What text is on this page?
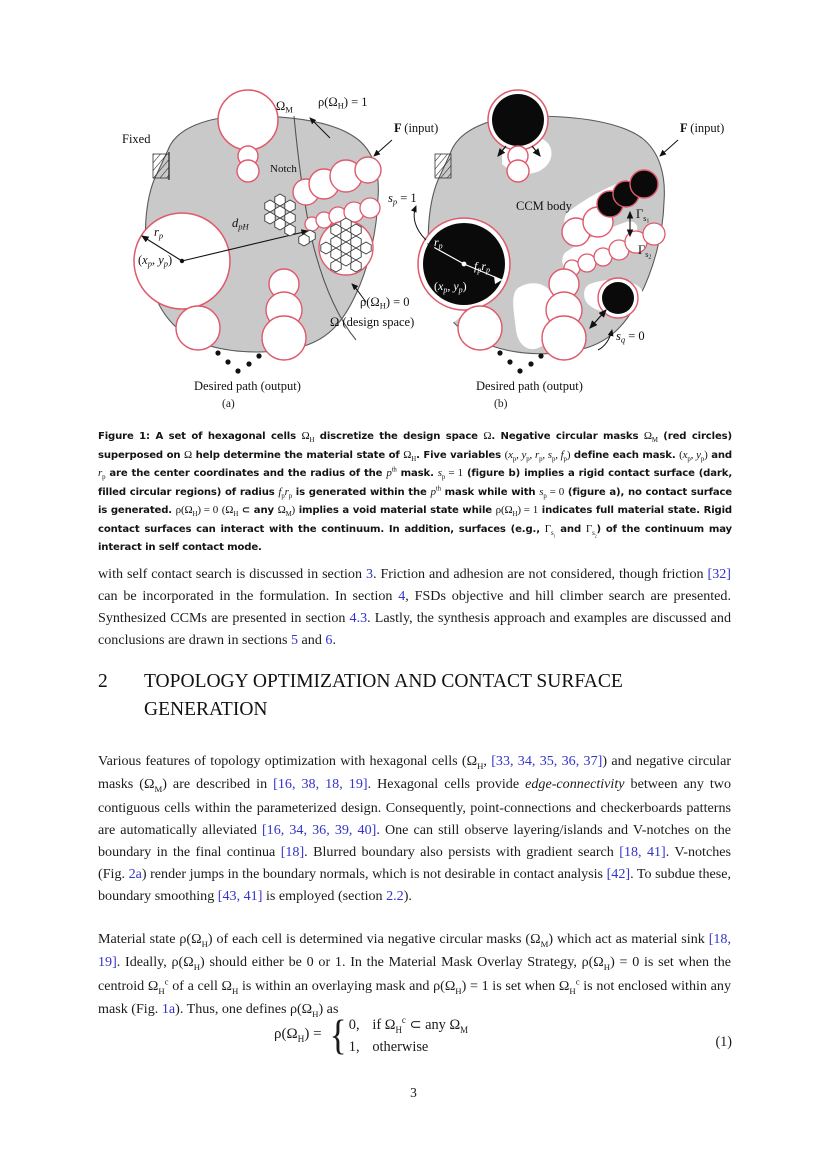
$\Omega_M$
$\rho(\Omega_H) = 1$
Fixed
Notch
F (input)
$r_p$
($x_p$, $y_p$)
$d_{pH}$
$\rho(\Omega_H) = 0$
Ω (design space)
Desired path (output)
F (input)
CCM body
$\Gamma_s1$
$\Gamma_s2$
$s_p = 1$
rp
fprp
(xp, yp)
$s_q = 0$
Desired path (output)
(a)	(b)
Figure 1: A set of hexagonal cells $\Omega_H$ discretize the design space Ω. Negative circular masks $\Omega_M$ (red circles) superposed on Ω help determine the material state of $\Omega_H$. Five variables ($x_p$, $y_p$, $r_p$, $s_p$, $f_p$) define each mask. ($x_p$, $y_p$) and $r_p$ are the center coordinates and the radius of the $p^{th}$ mask. $s_p = 1$ (figure b) implies a rigid contact surface (dark, filled circular regions) of radius $f_pr_p$ is generated within the $p^{th}$ mask while with $s_p = 0$ (figure a), no contact surface is generated. $\rho(\Omega_H) = 0$ ($\Omega_H$ ⊂ any $\Omega_M$) implies a void material state while $\rho(\Omega_H) = 1$ indicates full material state. Rigid contact surfaces can interact with the continuum. In addition, surfaces (e.g., $\Gamma_{s_1}$ and $\Gamma_{s_2}$) of the continuum may interact in self contact mode.
with self contact search is discussed in section 3. Friction and adhesion are not considered, though friction [32] can be incorporated in the formulation. In section 4, FSDs objective and hill climber search are presented. Synthesized CCMs are presented in section 4.3. Lastly, the synthesis approach and examples are discussed and conclusions are drawn in sections 5 and 6.
2 TOPOLOGY OPTIMIZATION AND CONTACT SURFACE
GENERATION
Various features of topology optimization with hexagonal cells ($\Omega_H$, [33, 34, 35, 36, 37]) and negative circular masks $(\Omega_M)$ are described in [16, 38, 18, 19]. Hexagonal cells provide edge-connectivity between any two contiguous cells within the parameterized design. Consequently, point-connections and checkerboards patterns are automatically alleviated [16, 34, 36, 39, 40]. One can still observe layering/islands and V-notches on the boundary in the final continua [18]. Blurred boundary also persists with gradient search [18, 41]. V-notches (Fig. 2a) render jumps in the boundary normals, which is not desirable in contact analysis [42]. To subdue these, boundary smoothing [43, 41] is employed (section 2.2).
Material state $\rho(\Omega_H)$ of each cell is determined via negative circular masks $(\Omega_M)$ which act as material sink [18, 19]. Ideally, $\rho(\Omega_H)$ should either be 0 or 1. In the Material Mask Overlay Strategy, $\rho(\Omega_H) = 0$ is set when the centroid $\Omega_H^c$ of a cell $\Omega_H$ is within an overlaying mask and $\rho(\Omega_H) = 1$ is set when $\Omega_H^c$ is not enclosed within any mask (Fig. 1a). Thus, one defines $\rho(\Omega_H)$ as
$\rho(\Omega_H)$ = { 0, if $\Omega_H^c$ ⊂ any $\Omega_M$
1, otherwise	(1)
3
